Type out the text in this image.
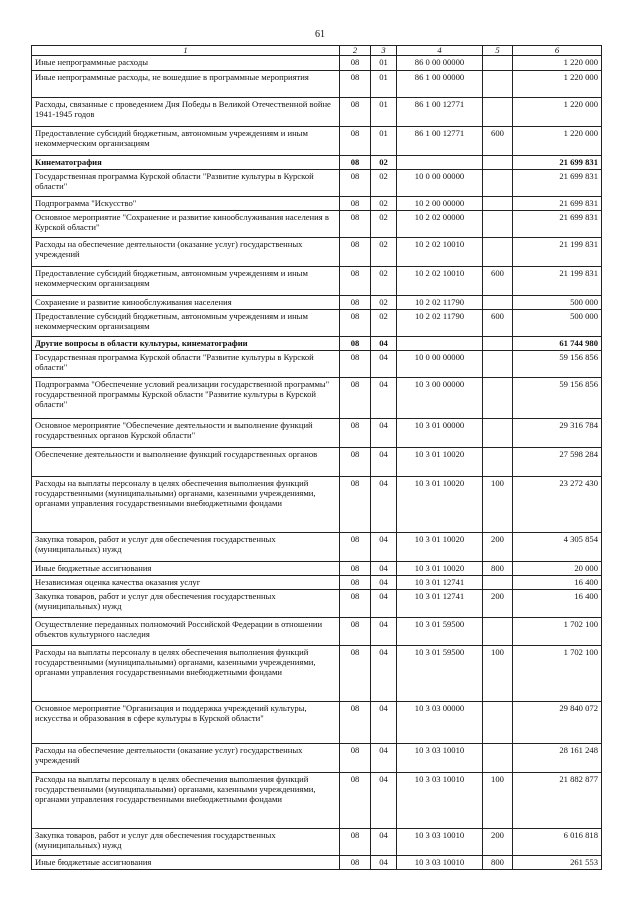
61
1	2	3	4	5	6
Иные непрограммные расходы	08	01	86 0 00 00000		1 220 000
Иные непрограммные расходы, не вошедшие в программные мероприятия	08	01	86 1 00 00000		1 220 000
Расходы, связанные с проведением Дня Победы в Великой Отечественной войне 1941-1945 годов	08	01	86 1 00 12771		1 220 000
Предоставление субсидий бюджетным, автономным учреждениям и иным некоммерческим организациям	08	01	86 1 00 12771	600	1 220 000
Кинематография	08	02			21 699 831
Государственная программа Курской области "Развитие культуры в Курской области"	08	02	10 0 00 00000		21 699 831
Подпрограмма "Искусство"	08	02	10 2 00 00000		21 699 831
Основное мероприятие "Сохранение и развитие кинообслуживания населения в Курской области"	08	02	10 2 02 00000		21 699 831
Расходы на обеспечение деятельности (оказание услуг) государственных учреждений	08	02	10 2 02 10010		21 199 831
Предоставление субсидий бюджетным, автономным учреждениям и иным некоммерческим организациям	08	02	10 2 02 10010	600	21 199 831
Сохранение и развитие кинообслуживания населения	08	02	10 2 02 11790		500 000
Предоставление субсидий бюджетным, автономным учреждениям и иным некоммерческим организациям	08	02	10 2 02 11790	600	500 000
Другие вопросы в области культуры, кинематографии	08	04			61 744 980
Государственная программа Курской области "Развитие культуры в Курской области"	08	04	10 0 00 00000		59 156 856
Подпрограмма "Обеспечение условий реализации государственной программы" государственной программы Курской области "Развитие культуры в Курской области"	08	04	10 3 00 00000		59 156 856
Основное мероприятие "Обеспечение деятельности и выполнение функций государственных органов Курской области"	08	04	10 3 01 00000		29 316 784
Обеспечение деятельности и выполнение функций государственных органов	08	04	10 3 01 10020		27 598 284
Расходы на выплаты персоналу в целях обеспечения выполнения функций государственными (муниципальными) органами, казенными учреждениями, органами управления государственными внебюджетными фондами	08	04	10 3 01 10020	100	23 272 430
Закупка товаров, работ и услуг для обеспечения государственных (муниципальных) нужд	08	04	10 3 01 10020	200	4 305 854
Иные бюджетные ассигнования	08	04	10 3 01 10020	800	20 000
Независимая оценка качества оказания услуг	08	04	10 3 01 12741		16 400
Закупка товаров, работ и услуг для обеспечения государственных (муниципальных) нужд	08	04	10 3 01 12741	200	16 400
Осуществление переданных полномочий Российской Федерации в отношении объектов культурного наследия	08	04	10 3 01 59500		1 702 100
Расходы на выплаты персоналу в целях обеспечения выполнения функций государственными (муниципальными) органами, казенными учреждениями, органами управления государственными внебюджетными фондами	08	04	10 3 01 59500	100	1 702 100
Основное мероприятие "Организация и поддержка учреждений культуры, искусства и образования в сфере культуры в Курской области"	08	04	10 3 03 00000		29 840 072
Расходы на обеспечение деятельности (оказание услуг) государственных учреждений	08	04	10 3 03 10010		28 161 248
Расходы на выплаты персоналу в целях обеспечения выполнения функций государственными (муниципальными) органами, казенными учреждениями, органами управления государственными внебюджетными фондами	08	04	10 3 03 10010	100	21 882 877
Закупка товаров, работ и услуг для обеспечения государственных (муниципальных) нужд	08	04	10 3 03 10010	200	6 016 818
Иные бюджетные ассигнования	08	04	10 3 03 10010	800	261 553
